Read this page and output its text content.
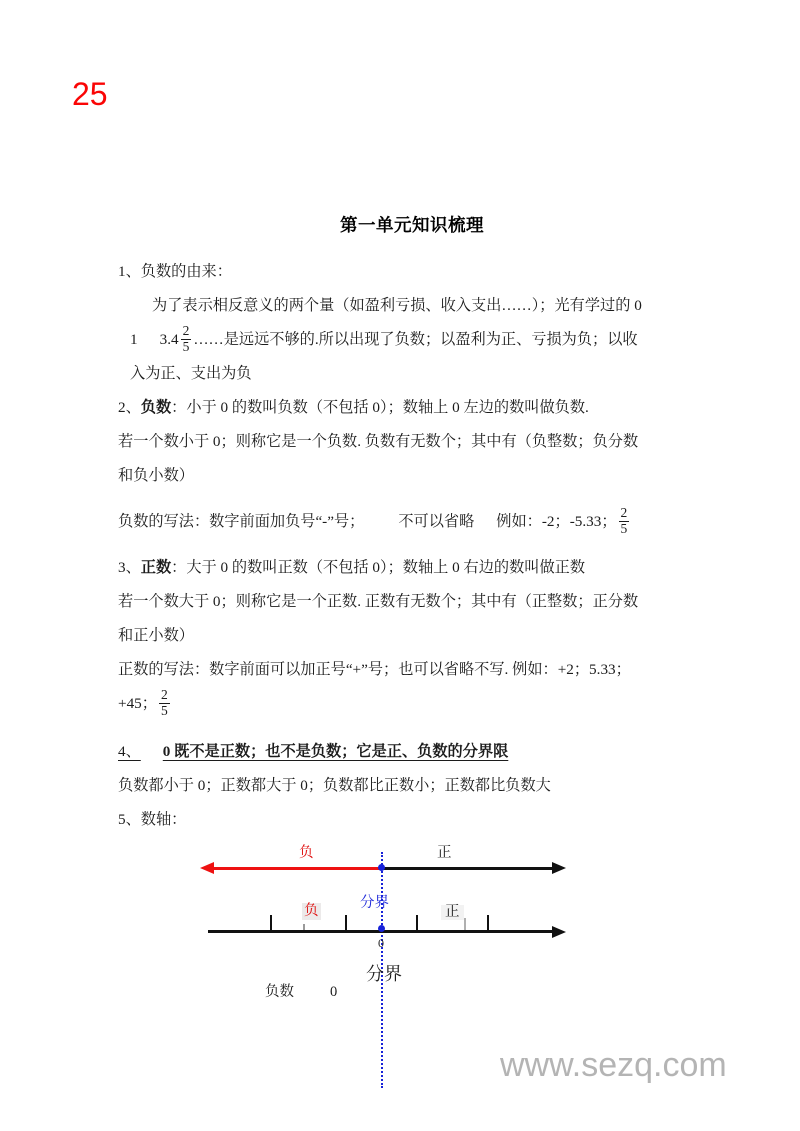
25
第一单元知识梳理

1、负数的由来：

为了表示相反意义的两个量（如盈利亏损、收入支出……）；光有学过的 0

1 $3.4 \frac{2}{5}$ ……是远远不够的.所以出现了负数；以盈利为正、亏损为负；以收

入为正、支出为负

2、负数：小于 0 的数叫负数（不包括 0）；数轴上 0 左边的数叫做负数.

若一个数小于 0；则称它是一个负数. 负数有无数个；其中有（负整数；负分数

和负小数）

负数的写法：数字前面加负号“-”号； 不可以省略 例如：-2；-5.33； $\frac{2}{5}$

3、正数：大于 0 的数叫正数（不包括 0）；数轴上 0 右边的数叫做正数

若一个数大于 0；则称它是一个正数. 正数有无数个；其中有（正整数；正分数

和正小数）

正数的写法：数字前面可以加正号“+”号；也可以省略不写. 例如：+2；5.33；

+45； $\frac{2}{5}$

4、 0 既不是正数；也不是负数；它是正、负数的分界限

负数都小于 0；正数都大于 0；负数都比正数小；正数都比负数大

5、数轴：

负	正
分界
0
负	正
分界
负数 0
www.sezq.com
